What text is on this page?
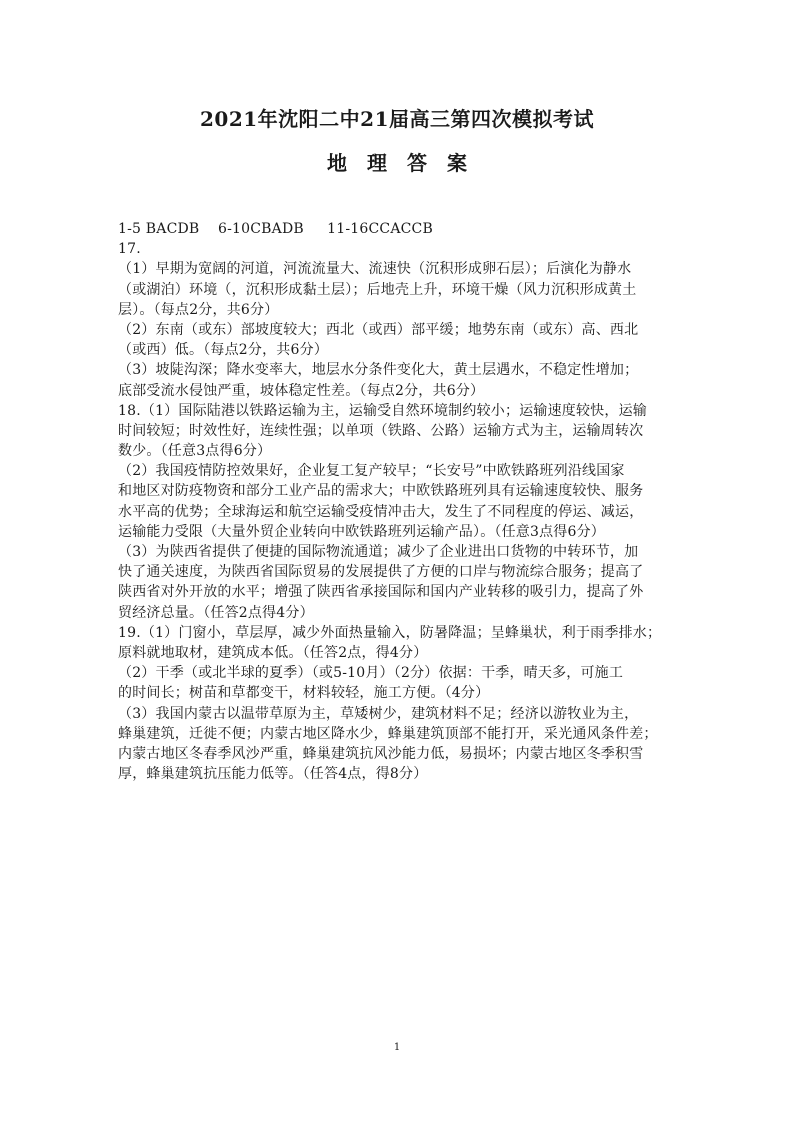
2021年沈阳二中21届高三第四次模拟考试
地理答案
1-5 BACDB    6-10CBADB     11-16CCACCB
17.
（1）早期为宽阔的河道，河流流量大、流速快（沉积形成卵石层）；后演化为静水
（或湖泊）环境（，沉积形成黏土层）；后地壳上升，环境干燥（风力沉积形成黄土
层）。（每点2分，共6分）
（2）东南（或东）部坡度较大；西北（或西）部平缓；地势东南（或东）高、西北
（或西）低。（每点2分，共6分）
（3）坡陡沟深；降水变率大，地层水分条件变化大，黄土层遇水，不稳定性增加；
底部受流水侵蚀严重，坡体稳定性差。（每点2分，共6分）
18.（1）国际陆港以铁路运输为主，运输受自然环境制约较小；运输速度较快，运输
时间较短；时效性好，连续性强；以单项（铁路、公路）运输方式为主，运输周转次
数少。（任意3点得6分）
（2）我国疫情防控效果好，企业复工复产较早；“长安号”中欧铁路班列沿线国家
和地区对防疫物资和部分工业产品的需求大；中欧铁路班列具有运输速度较快、服务
水平高的优势；全球海运和航空运输受疫情冲击大，发生了不同程度的停运、减运，
运输能力受限（大量外贸企业转向中欧铁路班列运输产品）。（任意3点得6分）
（3）为陕西省提供了便捷的国际物流通道；减少了企业进出口货物的中转环节，加
快了通关速度，为陕西省国际贸易的发展提供了方便的口岸与物流综合服务；提高了
陕西省对外开放的水平；增强了陕西省承接国际和国内产业转移的吸引力，提高了外
贸经济总量。（任答2点得4分）
19.（1）门窗小，草层厚，减少外面热量输入，防暑降温；呈蜂巢状，利于雨季排水；
原料就地取材，建筑成本低。（任答2点，得4分）
（2）干季（或北半球的夏季）（或5-10月）（2分）依据：干季，晴天多，可施工
的时间长；树苗和草都变干，材料较轻，施工方便。（4分）
（3）我国内蒙古以温带草原为主，草矮树少，建筑材料不足；经济以游牧业为主，
蜂巢建筑，迁徙不便；内蒙古地区降水少，蜂巢建筑顶部不能打开，采光通风条件差；
内蒙古地区冬春季风沙严重，蜂巢建筑抗风沙能力低，易损坏；内蒙古地区冬季积雪
厚，蜂巢建筑抗压能力低等。（任答4点，得8分）
1
